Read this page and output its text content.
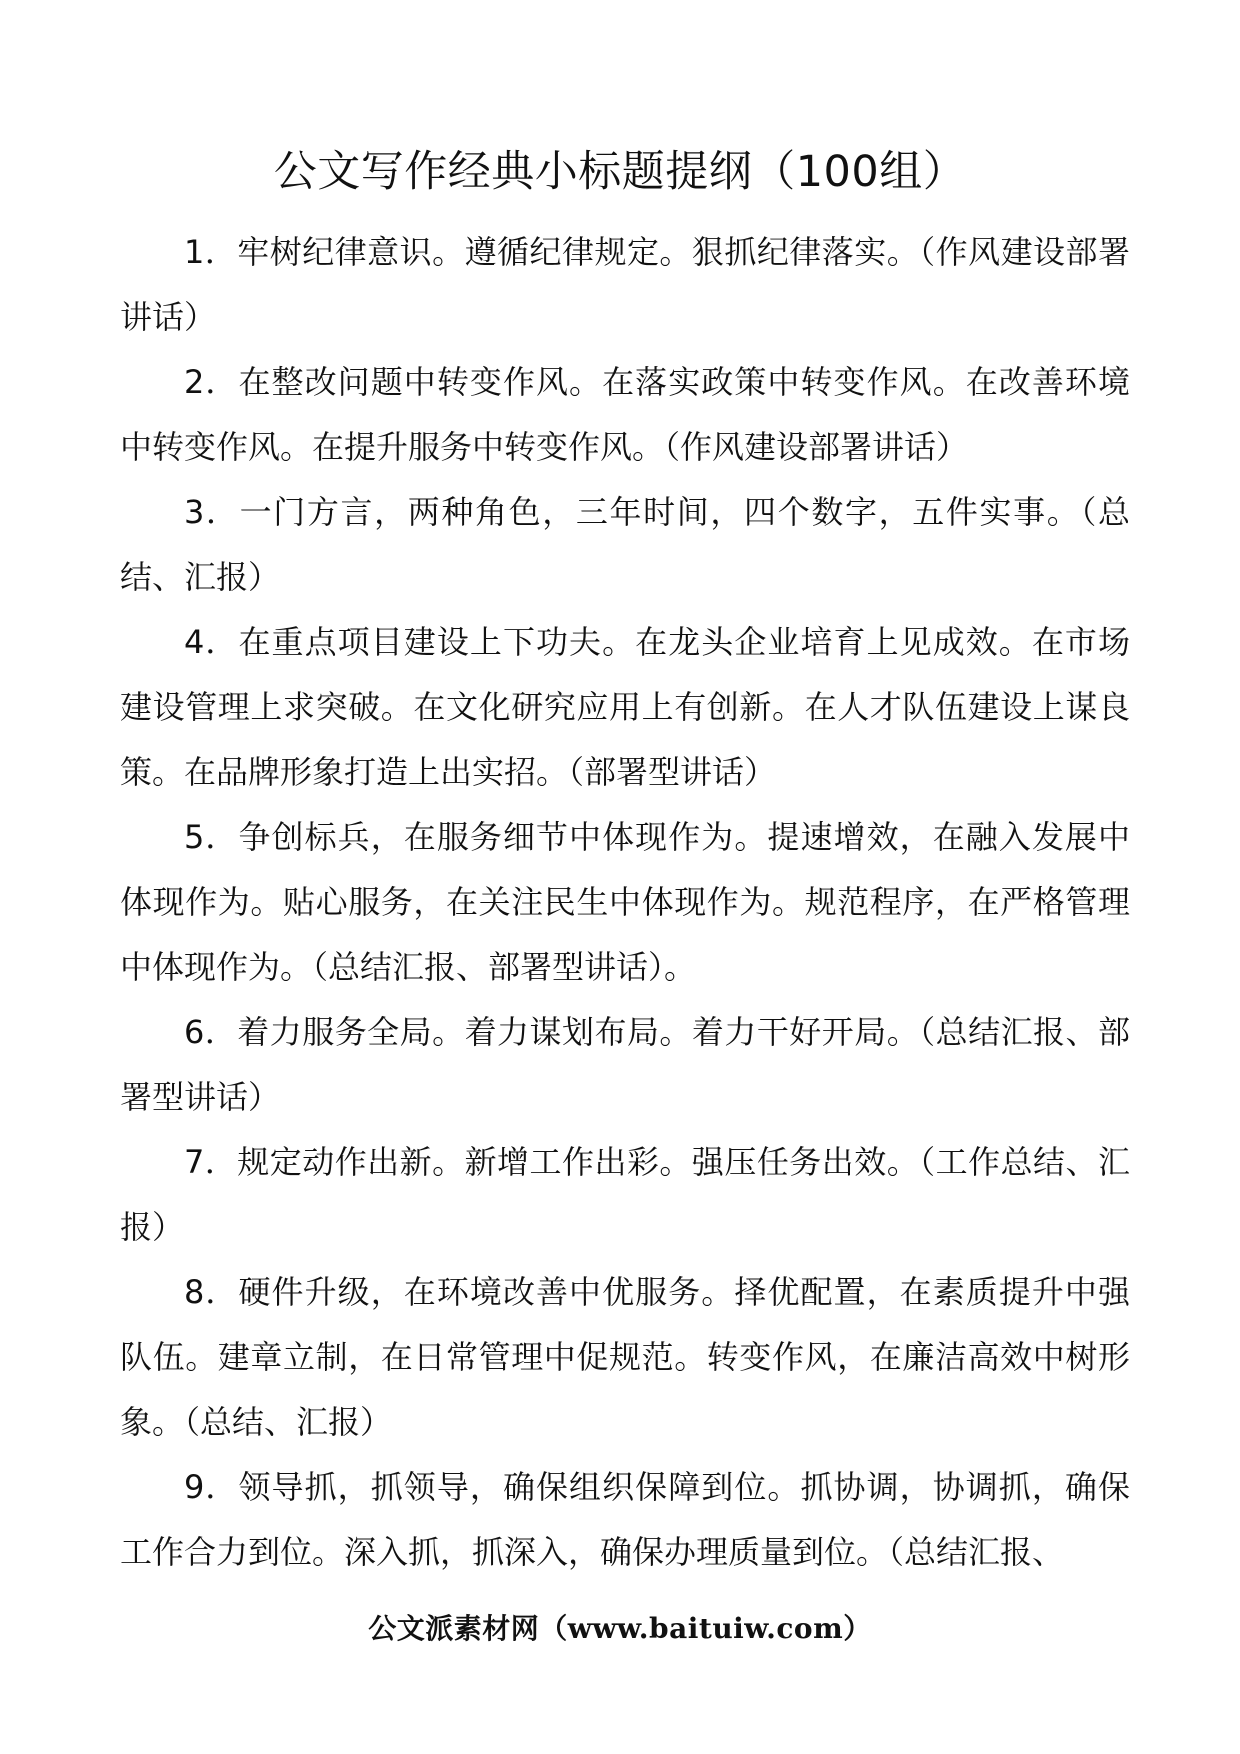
公文写作经典小标题提纲（100组）

1．牢树纪律意识。遵循纪律规定。狠抓纪律落实。（作风建设部署讲话）

2．在整改问题中转变作风。在落实政策中转变作风。在改善环境中转变作风。在提升服务中转变作风。（作风建设部署讲话）

3．一门方言，两种角色，三年时间，四个数字，五件实事。（总结、汇报）

4．在重点项目建设上下功夫。在龙头企业培育上见成效。在市场建设管理上求突破。在文化研究应用上有创新。在人才队伍建设上谋良策。在品牌形象打造上出实招。（部署型讲话）

5．争创标兵，在服务细节中体现作为。提速增效，在融入发展中体现作为。贴心服务，在关注民生中体现作为。规范程序，在严格管理中体现作为。（总结汇报、部署型讲话）。

6．着力服务全局。着力谋划布局。着力干好开局。（总结汇报、部署型讲话）

7．规定动作出新。新增工作出彩。强压任务出效。（工作总结、汇报）

8．硬件升级，在环境改善中优服务。择优配置，在素质提升中强队伍。建章立制，在日常管理中促规范。转变作风，在廉洁高效中树形象。（总结、汇报）

9．领导抓，抓领导，确保组织保障到位。抓协调，协调抓，确保工作合力到位。深入抓，抓深入，确保办理质量到位。（总结汇报、

公文派素材网（www.baituiw.com）
